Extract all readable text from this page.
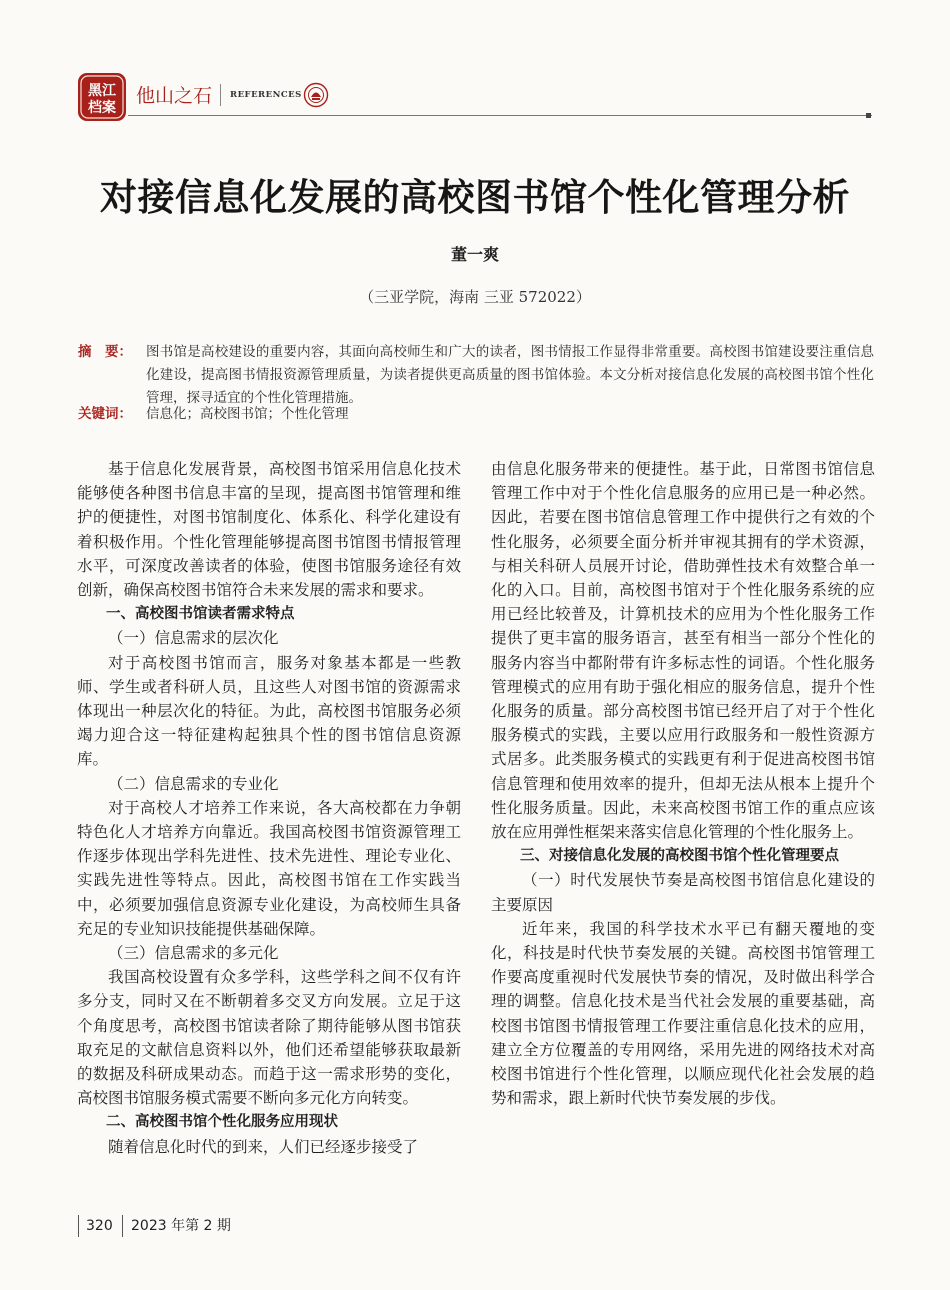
黑江
档案
他山之石 REFERENCES
对接信息化发展的高校图书馆个性化管理分析
董一爽
（三亚学院，海南 三亚 572022）
摘　要： 图书馆是高校建设的重要内容，其面向高校师生和广大的读者，图书情报工作显得非常重要。高校图书馆建设要注重信息化建设，提高图书情报资源管理质量，为读者提供更高质量的图书馆体验。本文分析对接信息化发展的高校图书馆个性化管理，探寻适宜的个性化管理措施。
关键词： 信息化；高校图书馆；个性化管理

基于信息化发展背景，高校图书馆采用信息化技术能够使各种图书信息丰富的呈现，提高图书馆管理和维护的便捷性，对图书馆制度化、体系化、科学化建设有着积极作用。个性化管理能够提高图书馆图书情报管理水平，可深度改善读者的体验，使图书馆服务途径有效创新，确保高校图书馆符合未来发展的需求和要求。

一、高校图书馆读者需求特点

（一）信息需求的层次化

对于高校图书馆而言，服务对象基本都是一些教师、学生或者科研人员，且这些人对图书馆的资源需求体现出一种层次化的特征。为此，高校图书馆服务必须竭力迎合这一特征建构起独具个性的图书馆信息资源库。

（二）信息需求的专业化

对于高校人才培养工作来说，各大高校都在力争朝特色化人才培养方向靠近。我国高校图书馆资源管理工作逐步体现出学科先进性、技术先进性、理论专业化、实践先进性等特点。因此，高校图书馆在工作实践当中，必须要加强信息资源专业化建设，为高校师生具备充足的专业知识技能提供基础保障。

（三）信息需求的多元化

我国高校设置有众多学科，这些学科之间不仅有许多分支，同时又在不断朝着多交叉方向发展。立足于这个角度思考，高校图书馆读者除了期待能够从图书馆获取充足的文献信息资料以外，他们还希望能够获取最新的数据及科研成果动态。而趋于这一需求形势的变化，高校图书馆服务模式需要不断向多元化方向转变。

二、高校图书馆个性化服务应用现状

随着信息化时代的到来，人们已经逐步接受了

由信息化服务带来的便捷性。基于此，日常图书馆信息管理工作中对于个性化信息服务的应用已是一种必然。因此，若要在图书馆信息管理工作中提供行之有效的个性化服务，必须要全面分析并审视其拥有的学术资源，与相关科研人员展开讨论，借助弹性技术有效整合单一化的入口。目前，高校图书馆对于个性化服务系统的应用已经比较普及，计算机技术的应用为个性化服务工作提供了更丰富的服务语言，甚至有相当一部分个性化的服务内容当中都附带有许多标志性的词语。个性化服务管理模式的应用有助于强化相应的服务信息，提升个性化服务的质量。部分高校图书馆已经开启了对于个性化服务模式的实践，主要以应用行政服务和一般性资源方式居多。此类服务模式的实践更有利于促进高校图书馆信息管理和使用效率的提升，但却无法从根本上提升个性化服务质量。因此，未来高校图书馆工作的重点应该放在应用弹性框架来落实信息化管理的个性化服务上。

三、对接信息化发展的高校图书馆个性化管理要点

（一）时代发展快节奏是高校图书馆信息化建设的主要原因

近年来，我国的科学技术水平已有翻天覆地的变化，科技是时代快节奏发展的关键。高校图书馆管理工作要高度重视时代发展快节奏的情况，及时做出科学合理的调整。信息化技术是当代社会发展的重要基础，高校图书馆图书情报管理工作要注重信息化技术的应用，建立全方位覆盖的专用网络，采用先进的网络技术对高校图书馆进行个性化管理，以顺应现代化社会发展的趋势和需求，跟上新时代快节奏发展的步伐。

320 2023 年第 2 期
